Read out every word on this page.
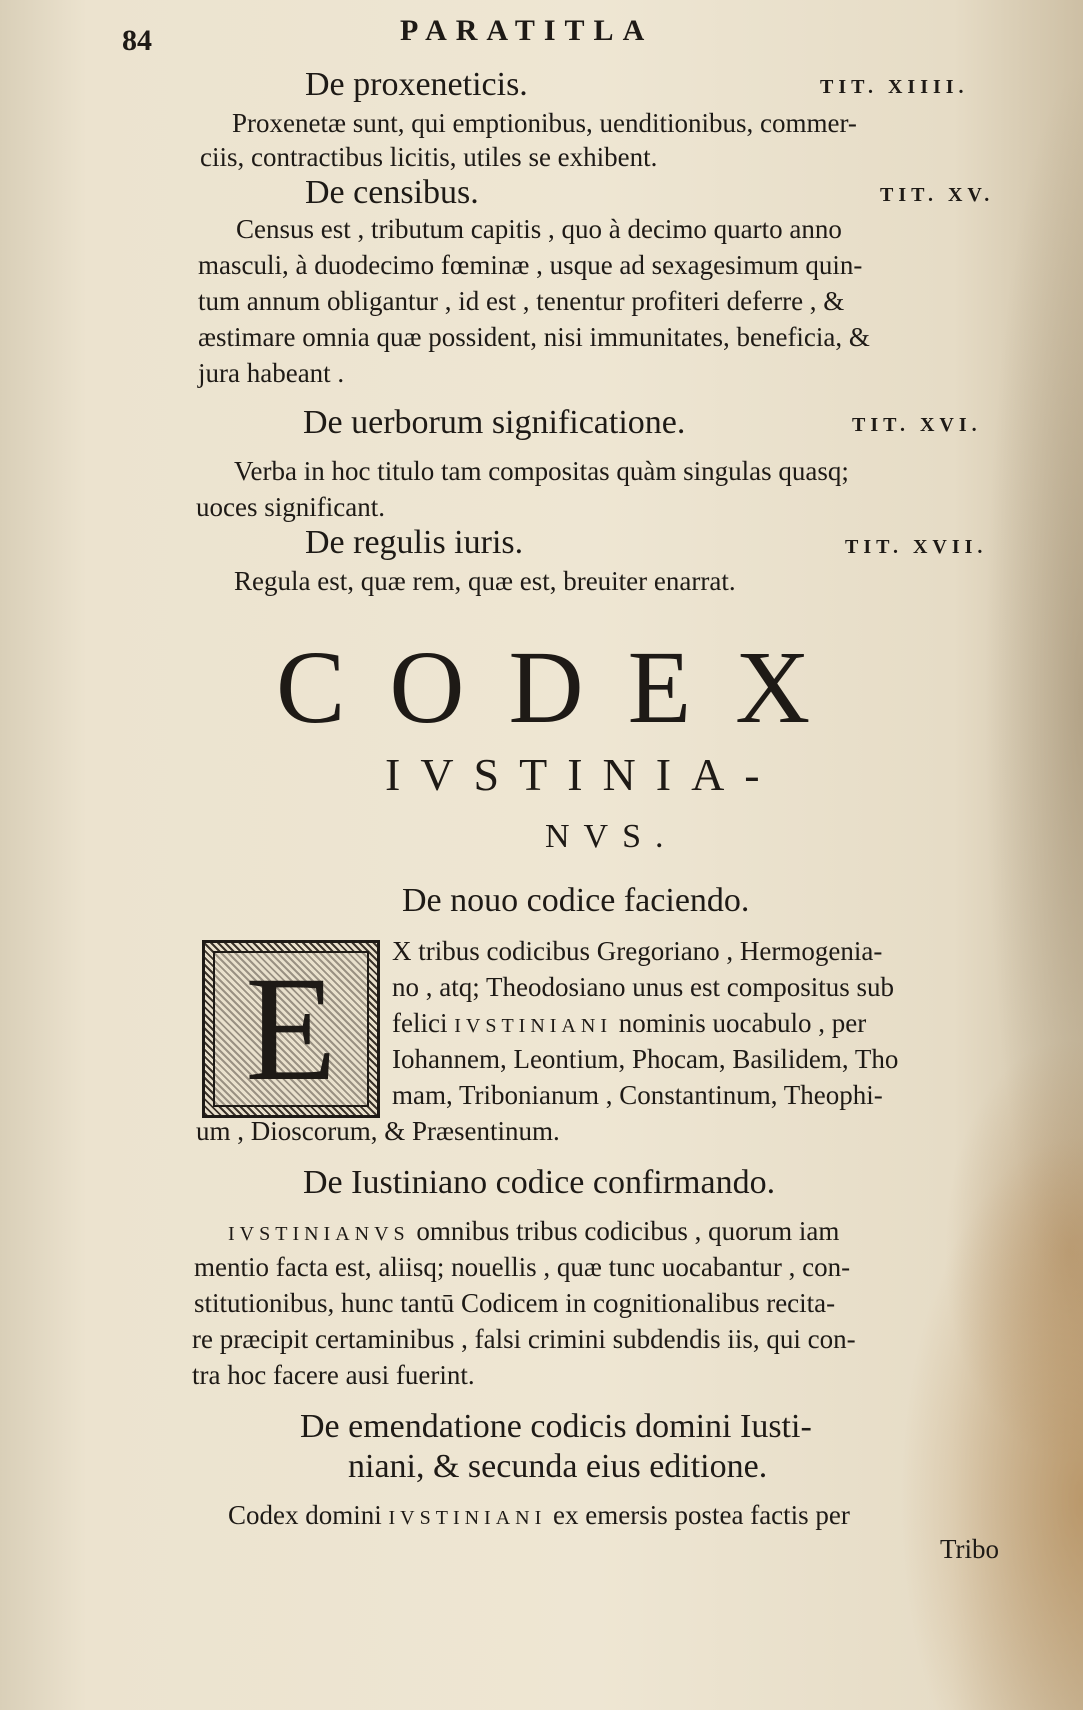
84	PARATITLA
De proxeneticis.	TIT. XIIII.
Proxenetæ sunt, qui emptionibus, uenditionibus, commer-
ciis, contractibus licitis, utiles se exhibent.
De censibus.	TIT. XV.
Census est , tributum capitis , quo à decimo quarto anno
masculi, à duodecimo fœminæ , usque ad sexagesimum quin-
tum annum obligantur , id est , tenentur profiteri deferre , &
æstimare omnia quæ possident, nisi immunitates, beneficia, &
jura habeant .
De uerborum significatione.	TIT. XVI.
Verba in hoc titulo tam compositas quàm singulas quasq;
uoces significant.
De regulis iuris.	TIT. XVII.
Regula est, quæ rem, quæ est, breuiter enarrat.
CODEX
IVSTINIA-
NVS.
De nouo codice faciendo.
E	X tribus codicibus Gregoriano , Hermogenia-
no , atq; Theodosiano unus est compositus sub
felici IVSTINIANI nominis uocabulo , per
Iohannem, Leontium, Phocam, Basilidem, Tho
mam, Tribonianum , Constantinum, Theophi-
um , Dioscorum, & Præsentinum.
De Iustiniano codice confirmando.
IVSTINIANVS omnibus tribus codicibus , quorum iam
mentio facta est, aliisq; nouellis , quæ tunc uocabantur , con-
stitutionibus, hunc tantū Codicem in cognitionalibus recita-
re præcipit certaminibus , falsi crimini subdendis iis, qui con-
tra hoc facere ausi fuerint.
De emendatione codicis domini Iusti-
niani, & secunda eius editione.
Codex domini IVSTINIANI ex emersis postea factis per
Tribo
